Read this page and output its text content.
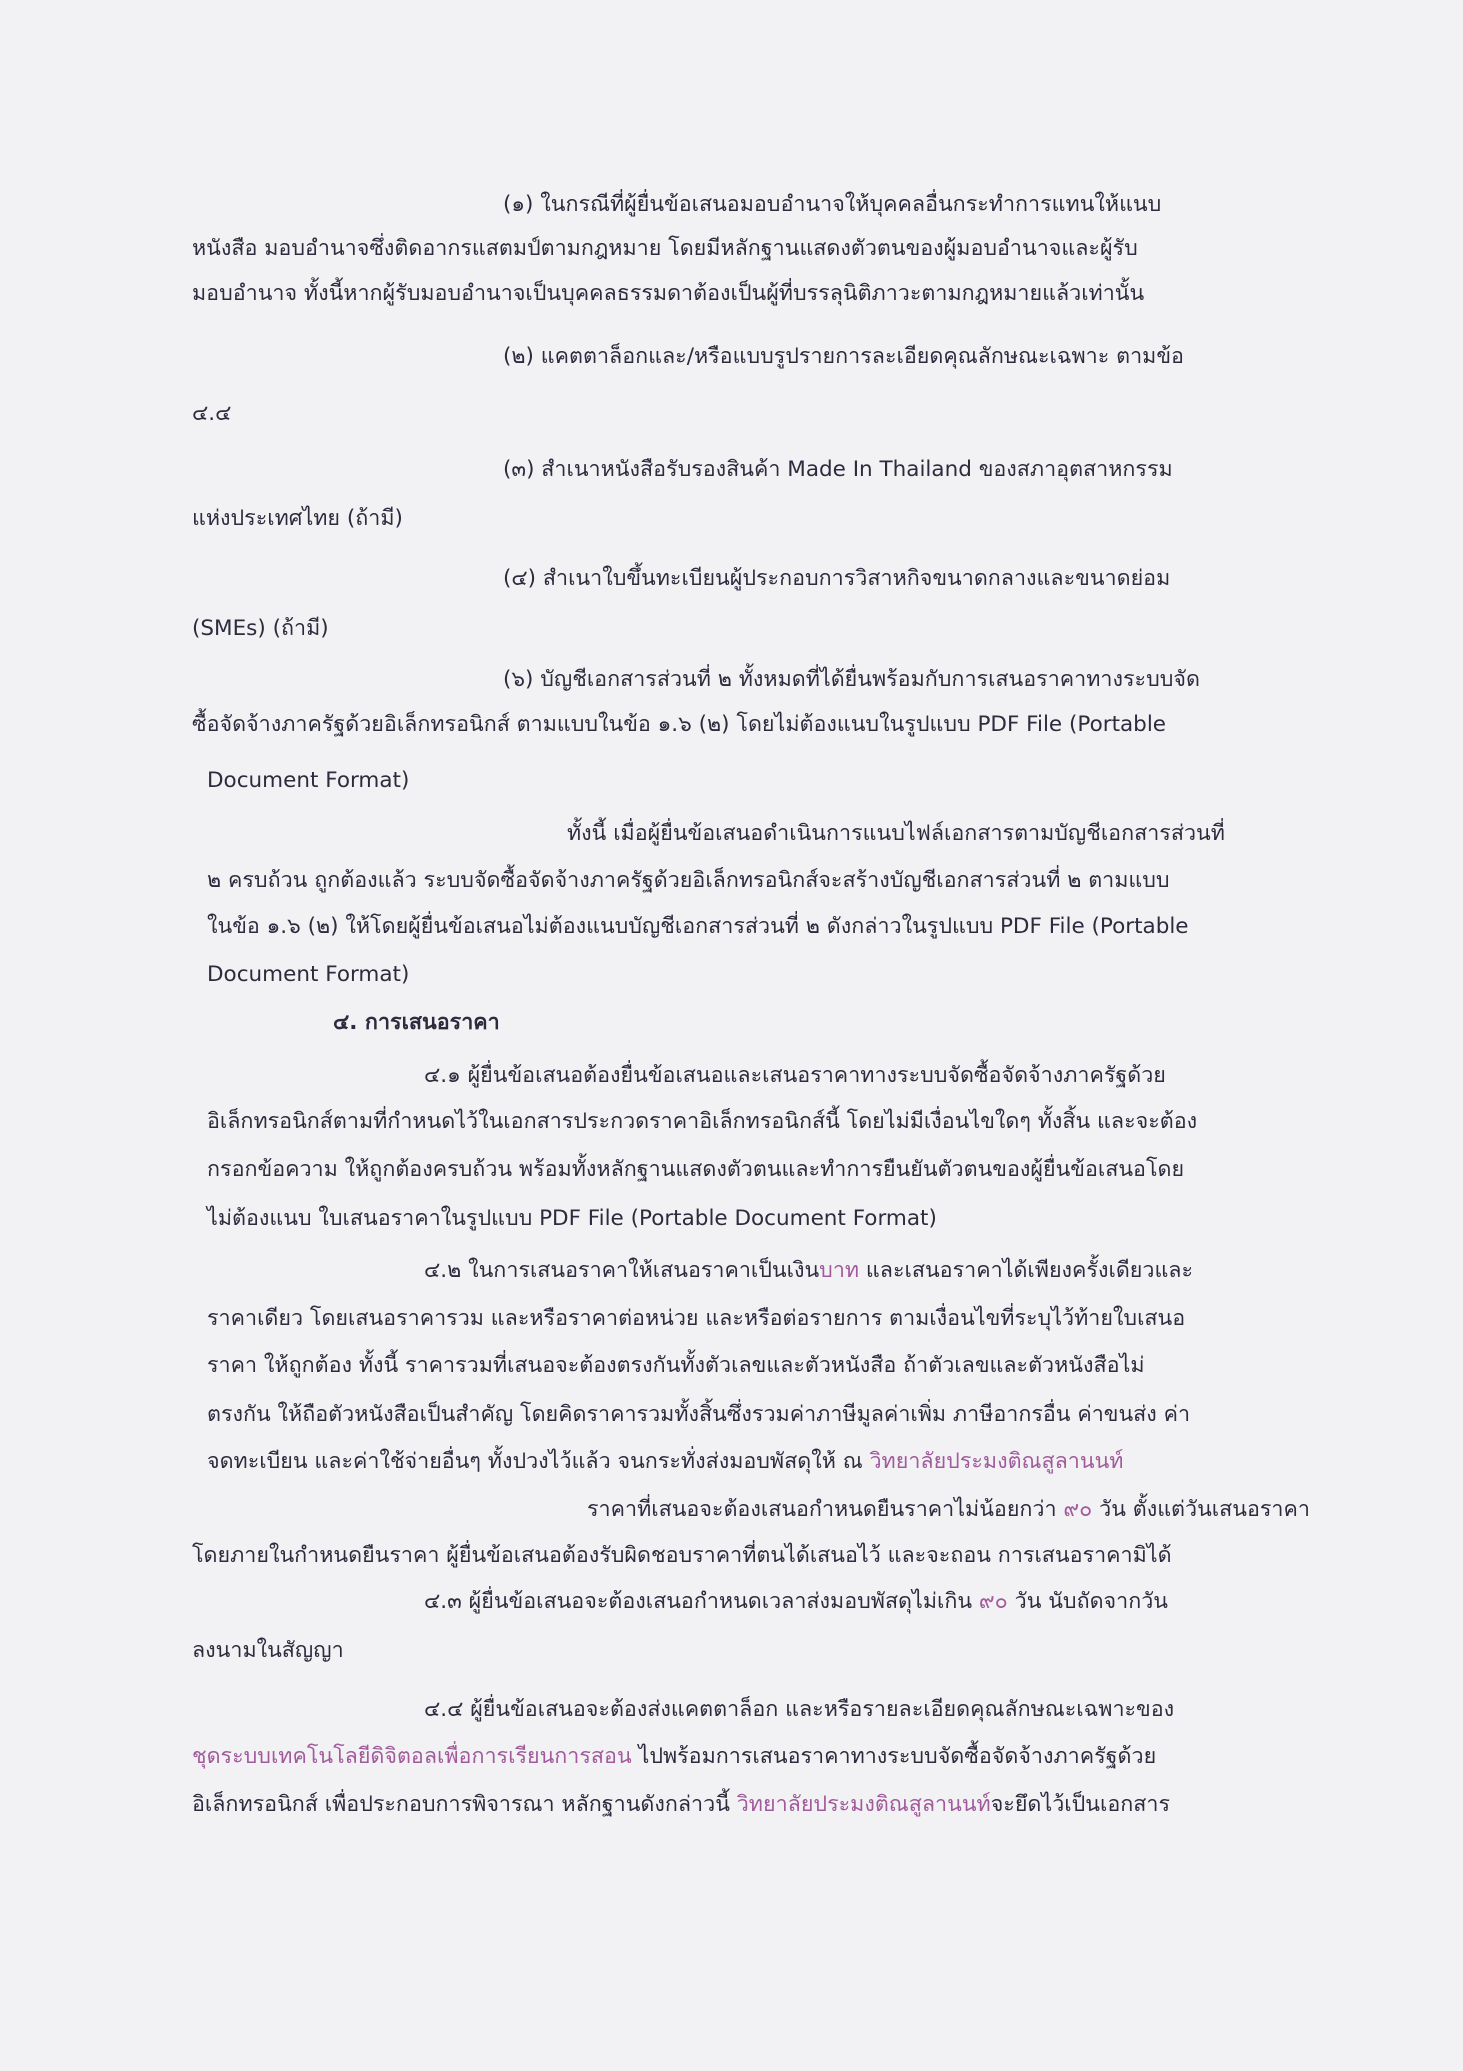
(๑) ในกรณีที่ผู้ยื่นข้อเสนอมอบอำนาจให้บุคคลอื่นกระทำการแทนให้แนบ
หนังสือ มอบอำนาจซึ่งติดอากรแสตมป์ตามกฎหมาย โดยมีหลักฐานแสดงตัวตนของผู้มอบอำนาจและผู้รับ
มอบอำนาจ ทั้งนี้หากผู้รับมอบอำนาจเป็นบุคคลธรรมดาต้องเป็นผู้ที่บรรลุนิติภาวะตามกฎหมายแล้วเท่านั้น
(๒) แคตตาล็อกและ/หรือแบบรูปรายการละเอียดคุณลักษณะเฉพาะ ตามข้อ
๔.๔
(๓) สำเนาหนังสือรับรองสินค้า Made In Thailand ของสภาอุตสาหกรรม
แห่งประเทศไทย (ถ้ามี)
(๔) สำเนาใบขึ้นทะเบียนผู้ประกอบการวิสาหกิจขนาดกลางและขนาดย่อม
(SMEs) (ถ้ามี)
(๖) บัญชีเอกสารส่วนที่ ๒ ทั้งหมดที่ได้ยื่นพร้อมกับการเสนอราคาทางระบบจัด
ซื้อจัดจ้างภาครัฐด้วยอิเล็กทรอนิกส์ ตามแบบในข้อ ๑.๖ (๒) โดยไม่ต้องแนบในรูปแบบ PDF File (Portable
Document Format)
ทั้งนี้ เมื่อผู้ยื่นข้อเสนอดำเนินการแนบไฟล์เอกสารตามบัญชีเอกสารส่วนที่
๒ ครบถ้วน ถูกต้องแล้ว ระบบจัดซื้อจัดจ้างภาครัฐด้วยอิเล็กทรอนิกส์จะสร้างบัญชีเอกสารส่วนที่ ๒ ตามแบบ
ในข้อ ๑.๖ (๒) ให้โดยผู้ยื่นข้อเสนอไม่ต้องแนบบัญชีเอกสารส่วนที่ ๒ ดังกล่าวในรูปแบบ PDF File (Portable
Document Format)
๔. การเสนอราคา
๔.๑ ผู้ยื่นข้อเสนอต้องยื่นข้อเสนอและเสนอราคาทางระบบจัดซื้อจัดจ้างภาครัฐด้วย
อิเล็กทรอนิกส์ตามที่กำหนดไว้ในเอกสารประกวดราคาอิเล็กทรอนิกส์นี้ โดยไม่มีเงื่อนไขใดๆ ทั้งสิ้น และจะต้อง
กรอกข้อความ ให้ถูกต้องครบถ้วน พร้อมทั้งหลักฐานแสดงตัวตนและทำการยืนยันตัวตนของผู้ยื่นข้อเสนอโดย
ไม่ต้องแนบ ใบเสนอราคาในรูปแบบ PDF File (Portable Document Format)
๔.๒ ในการเสนอราคาให้เสนอราคาเป็นเงินบาท และเสนอราคาได้เพียงครั้งเดียวและ
ราคาเดียว โดยเสนอราคารวม และหรือราคาต่อหน่วย และหรือต่อรายการ ตามเงื่อนไขที่ระบุไว้ท้ายใบเสนอ
ราคา ให้ถูกต้อง ทั้งนี้ ราคารวมที่เสนอจะต้องตรงกันทั้งตัวเลขและตัวหนังสือ ถ้าตัวเลขและตัวหนังสือไม่
ตรงกัน ให้ถือตัวหนังสือเป็นสำคัญ โดยคิดราคารวมทั้งสิ้นซึ่งรวมค่าภาษีมูลค่าเพิ่ม ภาษีอากรอื่น ค่าขนส่ง ค่า
จดทะเบียน และค่าใช้จ่ายอื่นๆ ทั้งปวงไว้แล้ว จนกระทั่งส่งมอบพัสดุให้ ณ วิทยาลัยประมงติณสูลานนท์
ราคาที่เสนอจะต้องเสนอกำหนดยืนราคาไม่น้อยกว่า ๙๐ วัน ตั้งแต่วันเสนอราคา
โดยภายในกำหนดยืนราคา ผู้ยื่นข้อเสนอต้องรับผิดชอบราคาที่ตนได้เสนอไว้ และจะถอน การเสนอราคามิได้
๔.๓ ผู้ยื่นข้อเสนอจะต้องเสนอกำหนดเวลาส่งมอบพัสดุไม่เกิน ๙๐ วัน นับถัดจากวัน
ลงนามในสัญญา
๔.๔ ผู้ยื่นข้อเสนอจะต้องส่งแคตตาล็อก และหรือรายละเอียดคุณลักษณะเฉพาะของ
ชุดระบบเทคโนโลยีดิจิตอลเพื่อการเรียนการสอน ไปพร้อมการเสนอราคาทางระบบจัดซื้อจัดจ้างภาครัฐด้วย
อิเล็กทรอนิกส์ เพื่อประกอบการพิจารณา หลักฐานดังกล่าวนี้ วิทยาลัยประมงติณสูลานนท์จะยึดไว้เป็นเอกสาร
